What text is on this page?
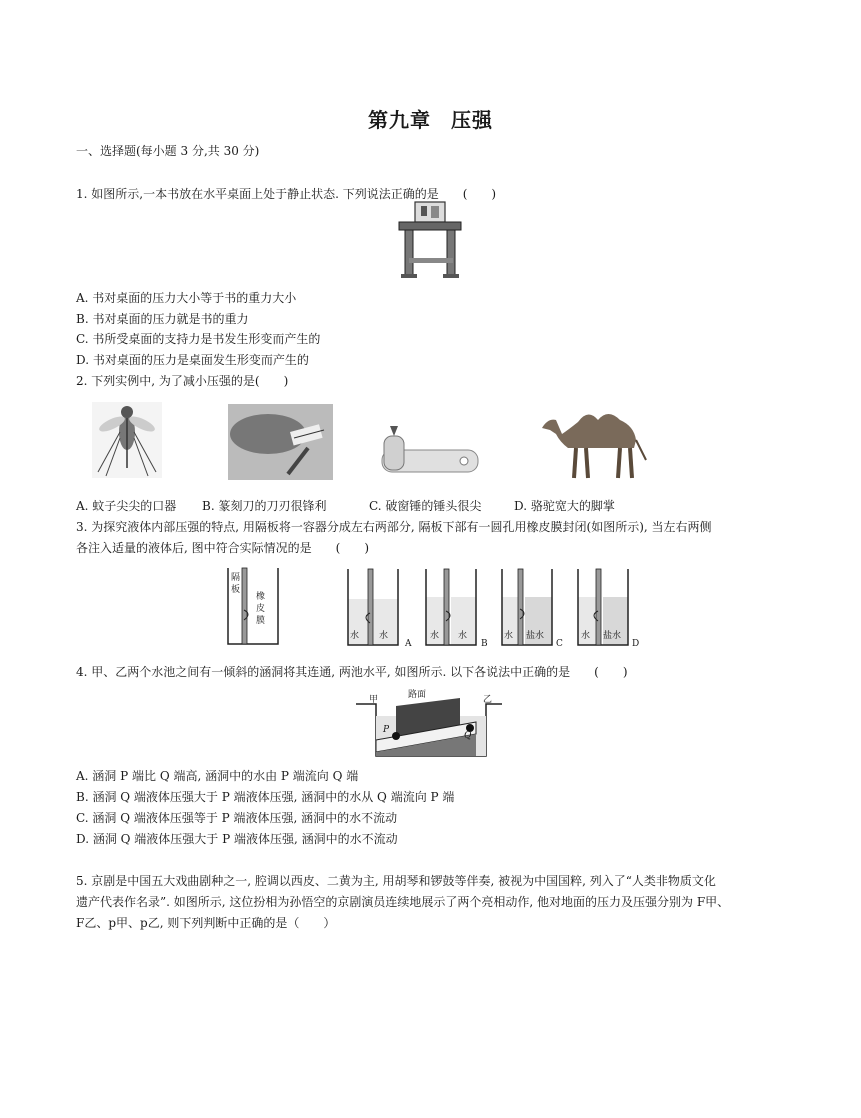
第九章 压强
一、选择题(每小题 3 分,共 30 分)
1. 如图所示,一本书放在水平桌面上处于静止状态. 下列说法正确的是　　(　　)
A. 书对桌面的压力大小等于书的重力大小
B. 书对桌面的压力就是书的重力
C. 书所受桌面的支持力是书发生形变而产生的
D. 书对桌面的压力是桌面发生形变而产生的
2. 下列实例中, 为了减小压强的是(　　)
A. 蚊子尖尖的口器 B. 篆刻刀的刀刃很锋利	C. 破窗锤的锤头很尖	D. 骆驼宽大的脚掌
3. 为探究液体内部压强的特点, 用隔板将一容器分成左右两部分, 隔板下部有一圆孔用橡皮膜封闭(如图所示), 当左右两侧
各注入适量的液体后, 图中符合实际情况的是　　(　　)
隔
板
橡
皮
膜
水 水
A
水 水
B
水 盐水
C
水 盐水
D
4. 甲、乙两个水池之间有一倾斜的涵洞将其连通, 两池水平, 如图所示. 以下各说法中正确的是　　(　　)
甲	路面	乙
P
Q
A. 涵洞 P 端比 Q 端高, 涵洞中的水由 P 端流向 Q 端
B. 涵洞 Q 端液体压强大于 P 端液体压强, 涵洞中的水从 Q 端流向 P 端
C. 涵洞 Q 端液体压强等于 P 端液体压强, 涵洞中的水不流动
D. 涵洞 Q 端液体压强大于 P 端液体压强, 涵洞中的水不流动
5. 京剧是中国五大戏曲剧种之一, 腔调以西皮、二黄为主, 用胡琴和锣鼓等伴奏, 被视为中国国粹, 列入了“人类非物质文化
遗产代表作名录”. 如图所示, 这位扮相为孙悟空的京剧演员连续地展示了两个亮相动作, 他对地面的压力及压强分别为 F甲、
F乙、p甲、p乙, 则下列判断中正确的是（　　）
